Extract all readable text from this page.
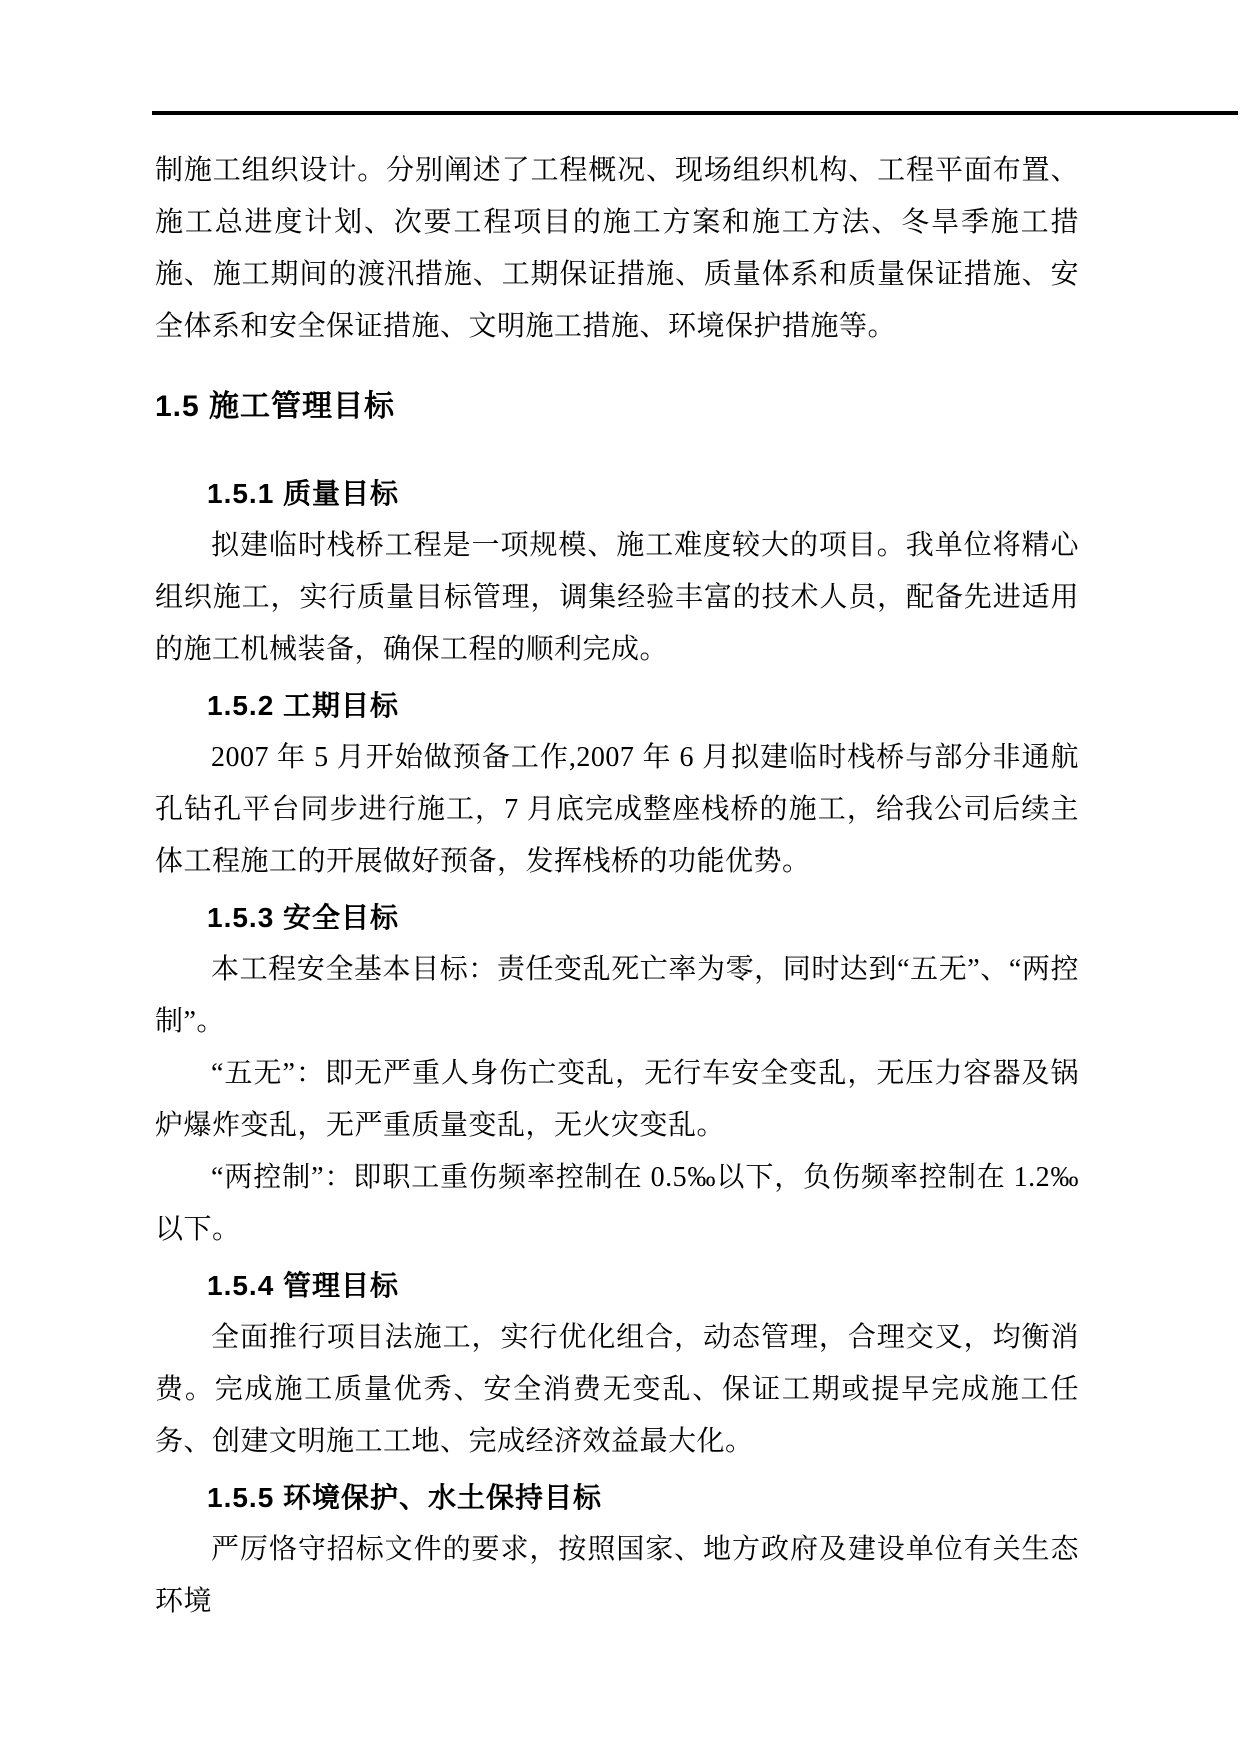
制施工组织设计。分别阐述了工程概况、现场组织机构、工程平面布置、施工总进度计划、次要工程项目的施工方案和施工方法、冬旱季施工措施、施工期间的渡汛措施、工期保证措施、质量体系和质量保证措施、安全体系和安全保证措施、文明施工措施、环境保护措施等。

1.5 施工管理目标
1.5.1 质量目标

拟建临时栈桥工程是一项规模、施工难度较大的项目。我单位将精心组织施工，实行质量目标管理，调集经验丰富的技术人员，配备先进适用的施工机械装备，确保工程的顺利完成。

1.5.2 工期目标

2007 年 5 月开始做预备工作,2007 年 6 月拟建临时栈桥与部分非通航孔钻孔平台同步进行施工，7 月底完成整座栈桥的施工，给我公司后续主体工程施工的开展做好预备，发挥栈桥的功能优势。

1.5.3 安全目标

本工程安全基本目标：责任变乱死亡率为零，同时达到“五无”、“两控制”。

“五无”：即无严重人身伤亡变乱，无行车安全变乱，无压力容器及锅炉爆炸变乱，无严重质量变乱，无火灾变乱。

“两控制”：即职工重伤频率控制在 0.5‰以下，负伤频率控制在 1.2‰以下。

1.5.4 管理目标

全面推行项目法施工，实行优化组合，动态管理，合理交叉，均衡消费。完成施工质量优秀、安全消费无变乱、保证工期或提早完成施工任务、创建文明施工工地、完成经济效益最大化。

1.5.5 环境保护、水土保持目标

严厉恪守招标文件的要求，按照国家、地方政府及建设单位有关生态环境
